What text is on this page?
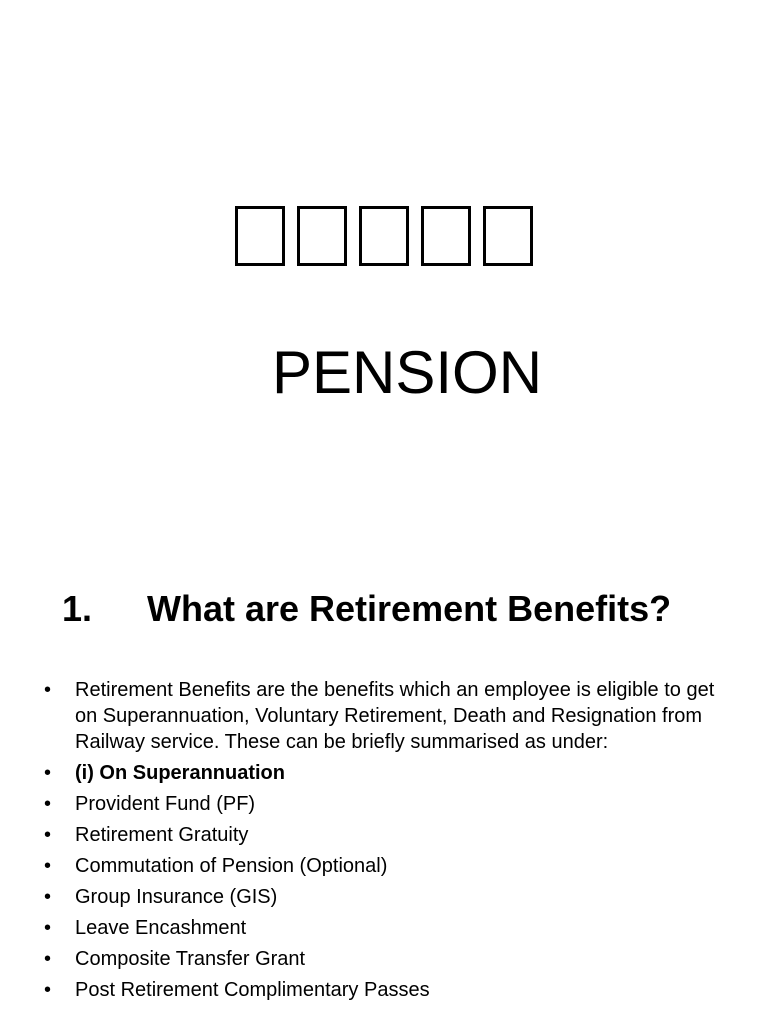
PENSION
1. What are Retirement Benefits?
• Retirement Benefits are the benefits which an employee is eligible to get on Superannuation, Voluntary Retirement, Death and Resignation from Railway service. These can be briefly summarised as under:
• (i) On Superannuation
• Provident Fund (PF)
• Retirement Gratuity
• Commutation of Pension (Optional)
• Group Insurance (GIS)
• Leave Encashment
• Composite Transfer Grant
• Post Retirement Complimentary Passes
